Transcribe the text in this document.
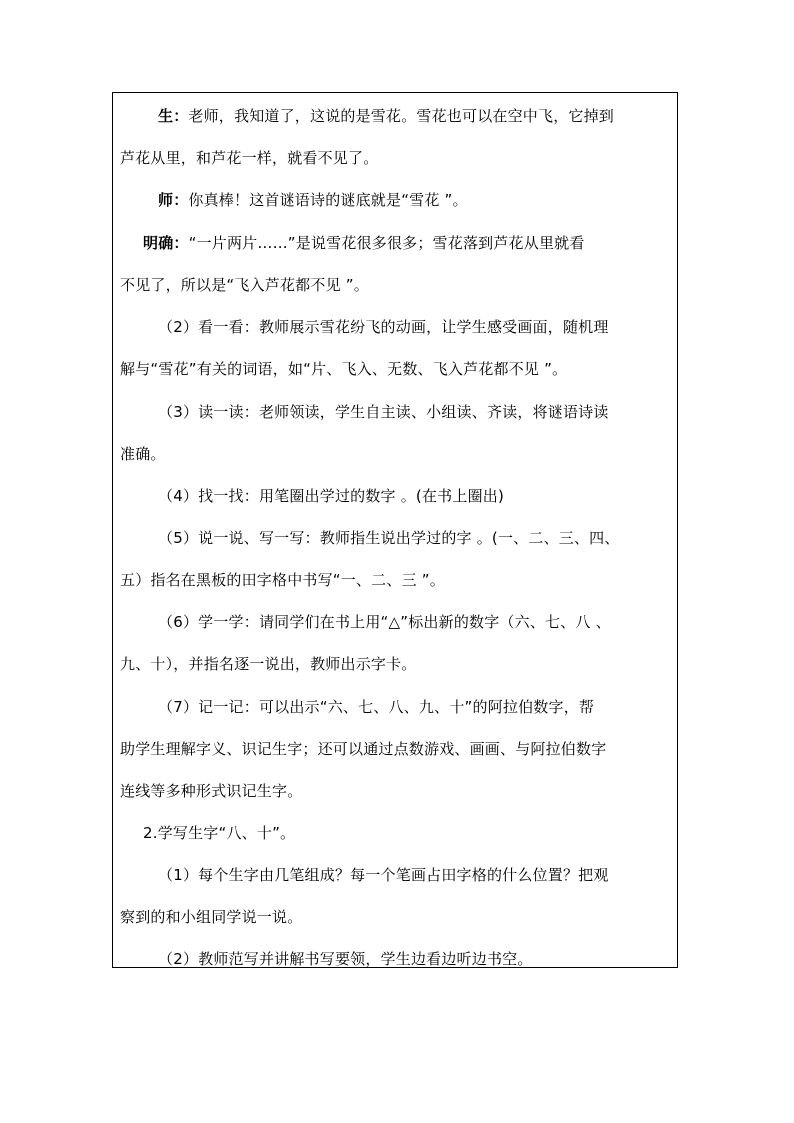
生：老师，我知道了，这说的是雪花。雪花也可以在空中飞，它掉到
芦花从里，和芦花一样，就看不见了。
师：你真棒！这首谜语诗的谜底就是“雪花 ”。
明确：“一片两片……”是说雪花很多很多；雪花落到芦花从里就看
不见了，所以是“飞入芦花都不见 ”。
（2）看一看：教师展示雪花纷飞的动画，让学生感受画面，随机理
解与“雪花”有关的词语，如“片、飞入、无数、飞入芦花都不见 ”。
（3）读一读：老师领读，学生自主读、小组读、齐读，将谜语诗读
准确。
（4）找一找：用笔圈出学过的数字 。(在书上圈出)
（5）说一说、写一写：教师指生说出学过的字 。(一、二、三、四、
五）指名在黑板的田字格中书写“一、二、三 ”。
（6）学一学：请同学们在书上用“△”标出新的数字（六、七、八 、
九、十），并指名逐一说出，教师出示字卡。
（7）记一记：可以出示“六、七、八、九、十”的阿拉伯数字，帮
助学生理解字义、识记生字；还可以通过点数游戏、画画、与阿拉伯数字
连线等多种形式识记生字。
2.学写生字“八、十”。
（1）每个生字由几笔组成？每一个笔画占田字格的什么位置？把观
察到的和小组同学说一说。
（2）教师范写并讲解书写要领，学生边看边听边书空。
